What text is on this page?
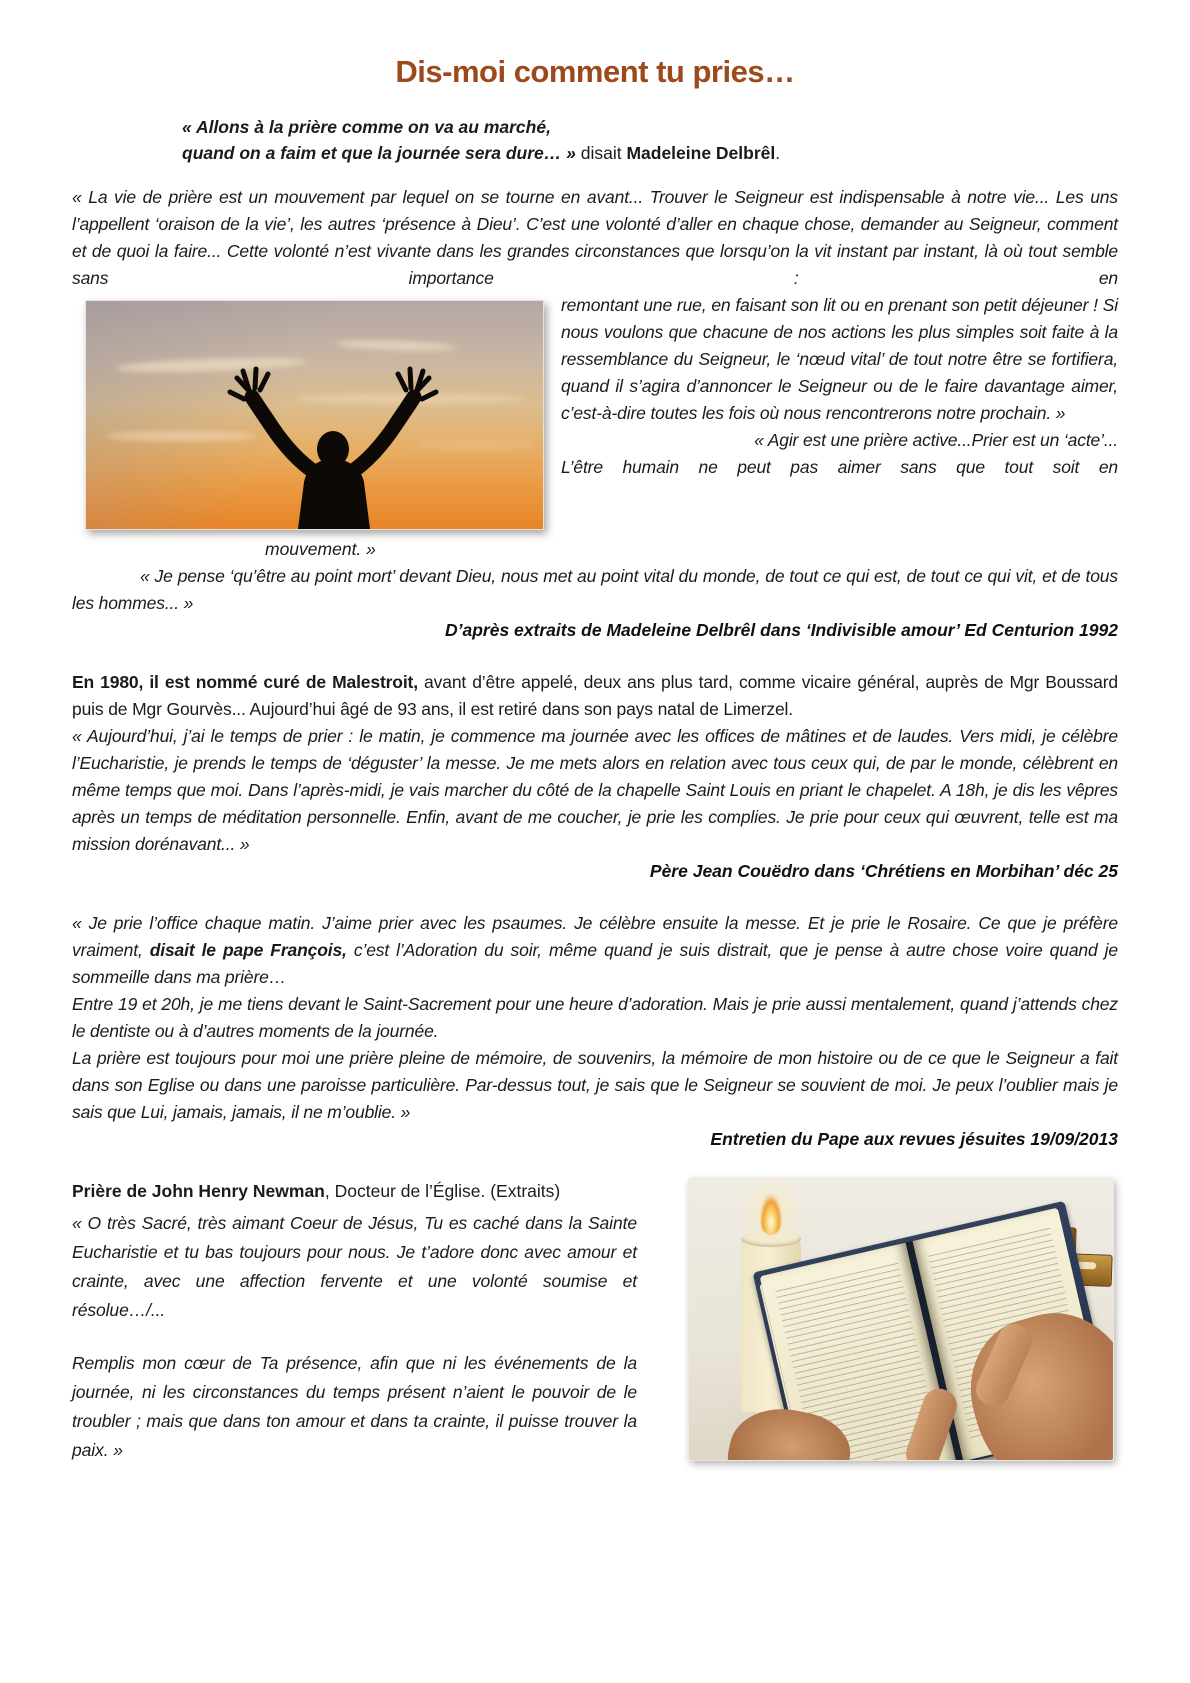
Dis-moi comment tu pries…
« Allons à la prière comme on va au marché,
quand on a faim et que la journée sera dure… » disait Madeleine Delbrêl.

« La vie de prière est un mouvement par lequel on se tourne en avant... Trouver le Seigneur est indispensable à notre vie... Les uns l’appellent ‘oraison de la vie’, les autres ‘présence à Dieu’. C’est une volonté d’aller en chaque chose, demander au Seigneur, comment et de quoi la faire... Cette volonté n’est vivante dans les grandes circonstances que lorsqu’on la vit instant par instant, là où tout semble sans importance : en

remontant une rue, en faisant son lit ou en prenant son petit déjeuner ! Si nous voulons que chacune de nos actions les plus simples soit faite à la ressemblance du Seigneur, le ‘nœud vital’ de tout notre être se fortifiera, quand il s’agira d’annoncer le Seigneur ou de le faire davantage aimer, c’est-à-dire toutes les fois où nous rencontrerons notre prochain. »

« Agir est une prière active...Prier est un ‘acte’...

L’être humain ne peut pas aimer sans que tout soit en

mouvement. »

« Je pense ‘qu’être au point mort’ devant Dieu, nous met au point vital du monde, de tout ce qui est, de tout ce qui vit, et de tous les hommes... »

D’après extraits de Madeleine Delbrêl dans ‘Indivisible amour’ Ed Centurion 1992

En 1980, il est nommé curé de Malestroit, avant d’être appelé, deux ans plus tard, comme vicaire général, auprès de Mgr Boussard puis de Mgr Gourvès... Aujourd’hui âgé de 93 ans, il est retiré dans son pays natal de Limerzel.

« Aujourd’hui, j’ai le temps de prier : le matin, je commence ma journée avec les offices de mâtines et de laudes. Vers midi, je célèbre l’Eucharistie, je prends le temps de ‘déguster’ la messe. Je me mets alors en relation avec tous ceux qui, de par le monde, célèbrent en même temps que moi. Dans l’après-midi, je vais marcher du côté de la chapelle Saint Louis en priant le chapelet. A 18h, je dis les vêpres après un temps de méditation personnelle. Enfin, avant de me coucher, je prie les complies. Je prie pour ceux qui œuvrent, telle est ma mission dorénavant... »

Père Jean Couëdro dans ‘Chrétiens en Morbihan’ déc 25

« Je prie l’office chaque matin. J’aime prier avec les psaumes. Je célèbre ensuite la messe. Et je prie le Rosaire. Ce que je préfère vraiment, disait le pape François, c’est l’Adoration du soir, même quand je suis distrait, que je pense à autre chose voire quand je sommeille dans ma prière…

Entre 19 et 20h, je me tiens devant le Saint-Sacrement pour une heure d’adoration. Mais je prie aussi mentalement, quand j’attends chez le dentiste ou à d’autres moments de la journée.

La prière est toujours pour moi une prière pleine de mémoire, de souvenirs, la mémoire de mon histoire ou de ce que le Seigneur a fait dans son Eglise ou dans une paroisse particulière. Par-dessus tout, je sais que le Seigneur se souvient de moi. Je peux l’oublier mais je sais que Lui, jamais, jamais, il ne m’oublie. »

Entretien du Pape aux revues jésuites 19/09/2013

Prière de John Henry Newman, Docteur de l’Église. (Extraits)

« O très Sacré, très aimant Coeur de Jésus, Tu es caché dans la Sainte Eucharistie et tu bas toujours pour nous. Je t’adore donc avec amour et crainte, avec une affection fervente et une volonté soumise et résolue…/...

Remplis mon cœur de Ta présence, afin que ni les événements de la journée, ni les circonstances du temps présent n’aient le pouvoir de le troubler ; mais que dans ton amour et dans ta crainte, il puisse trouver la paix. »
